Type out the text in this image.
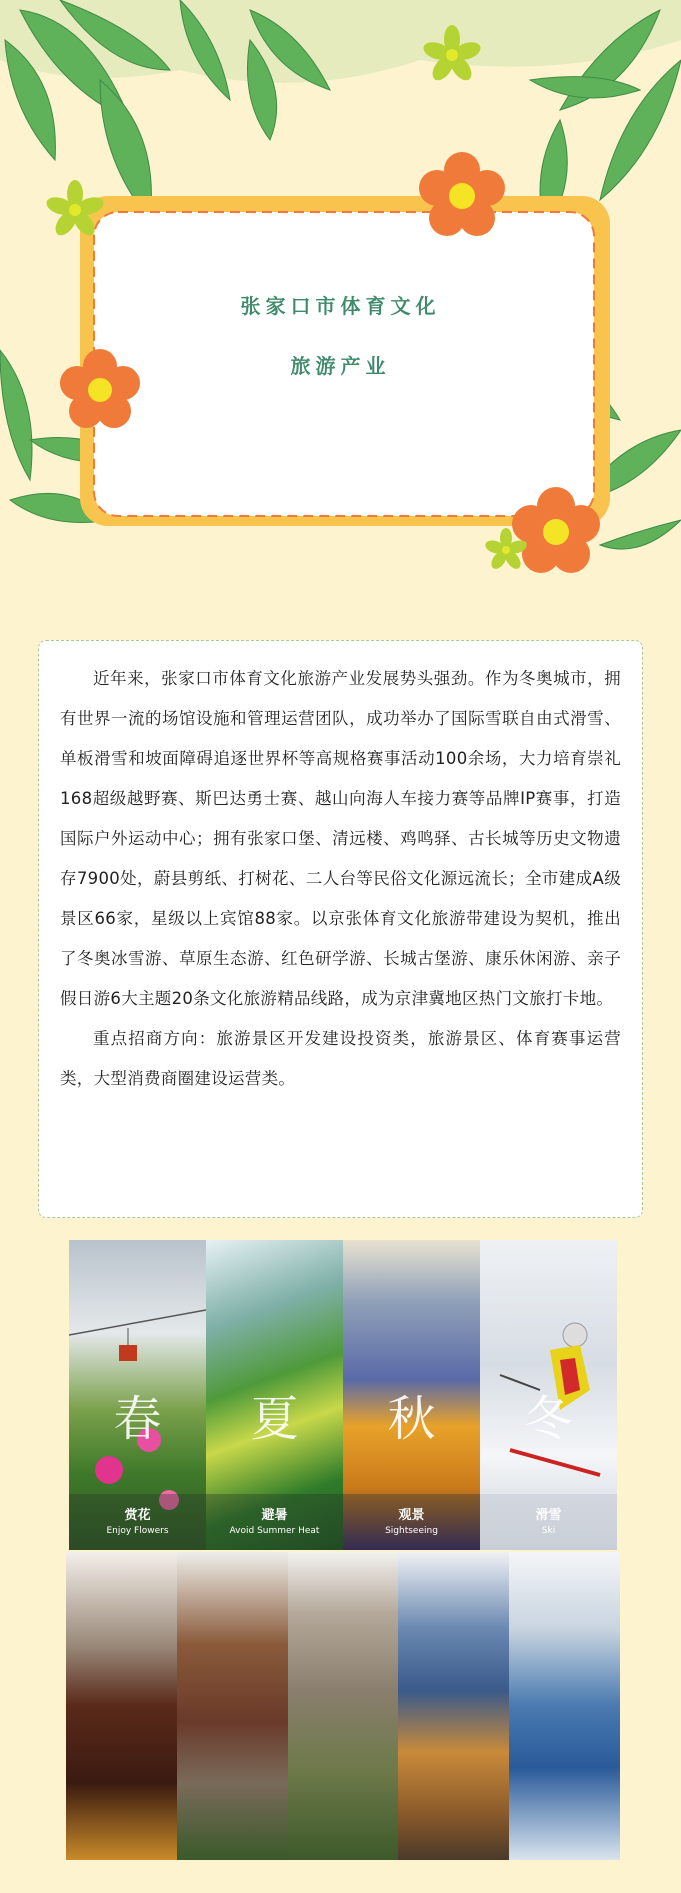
张家口市体育文化
旅游产业

近年来，张家口市体育文化旅游产业发展势头强劲。作为冬奥城市，拥有世界一流的场馆设施和管理运营团队，成功举办了国际雪联自由式滑雪、单板滑雪和坡面障碍追逐世界杯等高规格赛事活动100余场，大力培育崇礼168超级越野赛、斯巴达勇士赛、越山向海人车接力赛等品牌IP赛事，打造国际户外运动中心；拥有张家口堡、清远楼、鸡鸣驿、古长城等历史文物遗存7900处，蔚县剪纸、打树花、二人台等民俗文化源远流长；全市建成A级景区66家，星级以上宾馆88家。以京张体育文化旅游带建设为契机，推出了冬奥冰雪游、草原生态游、红色研学游、长城古堡游、康乐休闲游、亲子假日游6大主题20条文化旅游精品线路，成为京津冀地区热门文旅打卡地。

重点招商方向：旅游景区开发建设投资类，旅游景区、体育赛事运营类，大型消费商圈建设运营类。

春
赏花
Enjoy Flowers
夏
避暑
Avoid Summer Heat
秋
观景
Sightseeing
冬
滑雪
Ski
